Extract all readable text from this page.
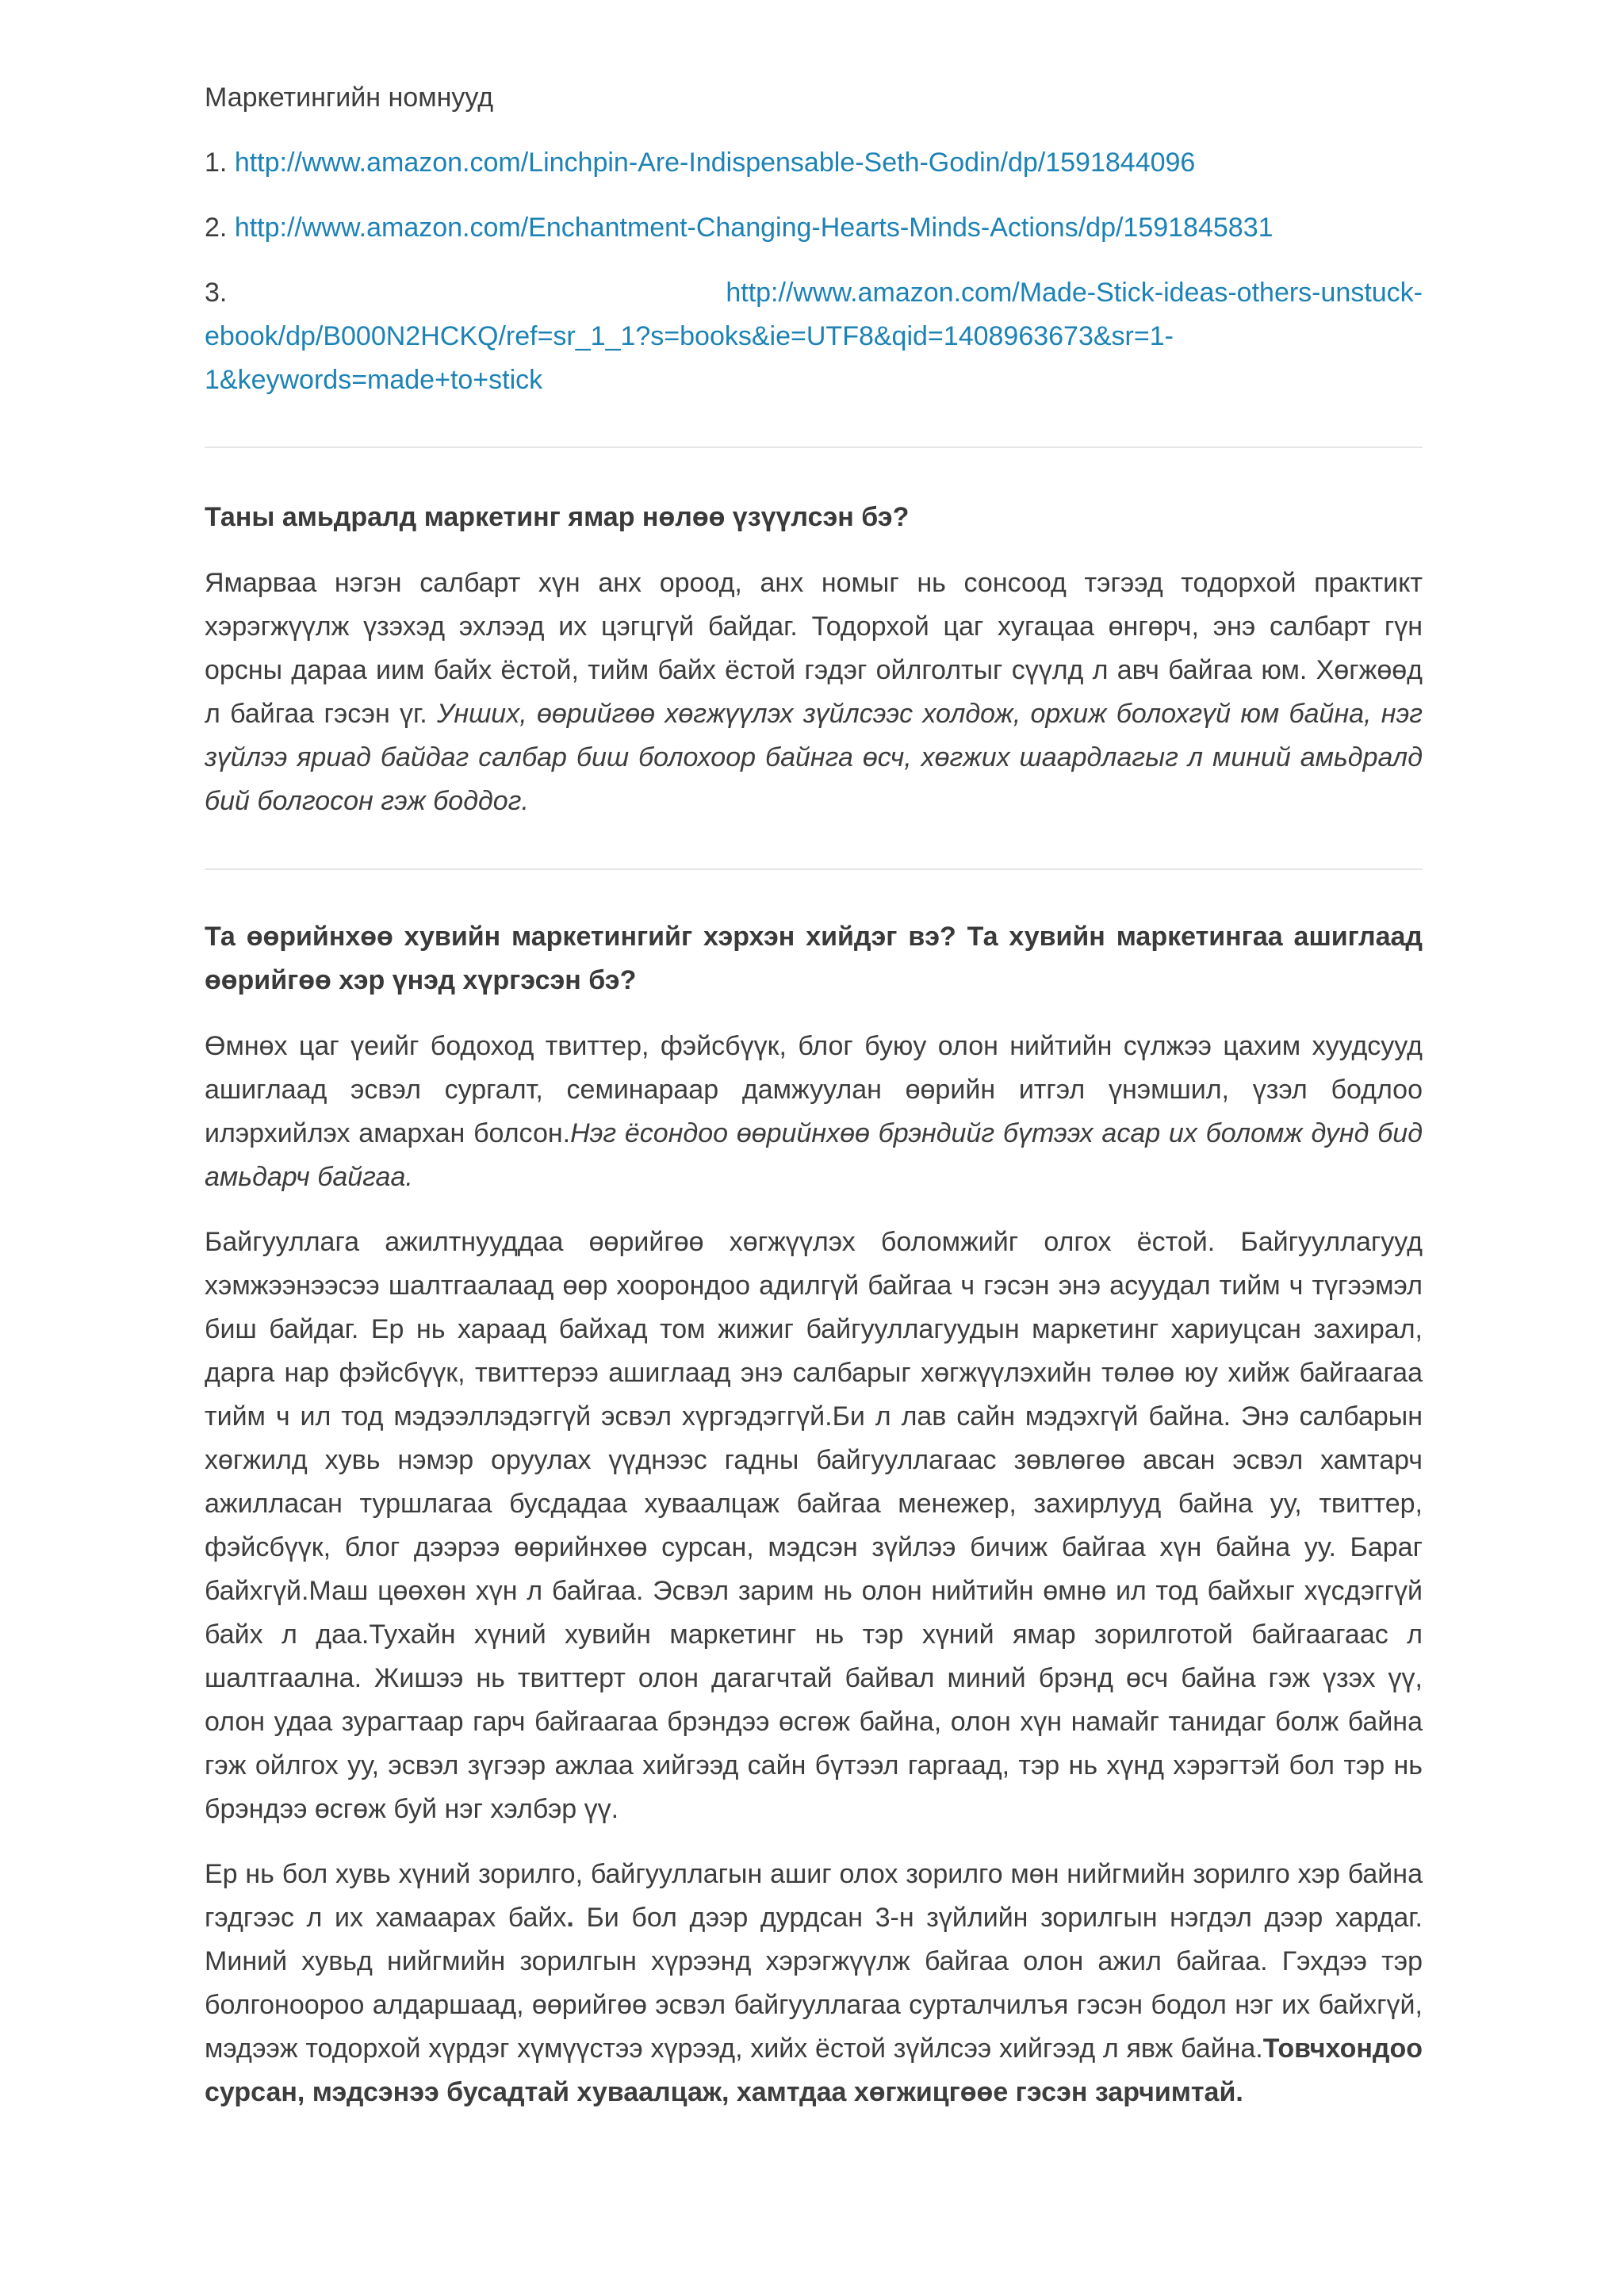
Маркетингийн номнууд

1. http://www.amazon.com/Linchpin-Are-Indispensable-Seth-Godin/dp/1591844096

2. http://www.amazon.com/Enchantment-Changing-Hearts-Minds-Actions/dp/1591845831

3.	http://www.amazon.com/Made-Stick-ideas-others-unstuck-

ebook/dp/B000N2HCKQ/ref=sr_1_1?s=books&ie=UTF8&qid=1408963673&sr=1-

1&keywords=made+to+stick

Таны амьдралд маркетинг ямар нөлөө үзүүлсэн бэ?

Ямарваа нэгэн салбарт хүн анх ороод, анх номыг нь сонсоод тэгээд тодорхой практикт хэрэгжүүлж үзэхэд эхлээд их цэгцгүй байдаг. Тодорхой цаг хугацаа өнгөрч, энэ салбарт гүн орсны дараа иим байх ёстой, тийм байх ёстой гэдэг ойлголтыг сүүлд л авч байгаа юм. Хөгжөөд л байгаа гэсэн үг. Унших, өөрийгөө хөгжүүлэх зүйлсээс холдож, орхиж болохгүй юм байна, нэг зүйлээ яриад байдаг салбар биш болохоор байнга өсч, хөгжих шаардлагыг л миний амьдралд бий болгосон гэж боддог.

Та өөрийнхөө хувийн маркетингийг хэрхэн хийдэг вэ? Та хувийн маркетингаа ашиглаад өөрийгөө хэр үнэд хүргэсэн бэ?

Өмнөх цаг үеийг бодоход твиттер, фэйсбүүк, блог буюу олон нийтийн сүлжээ цахим хуудсууд ашиглаад эсвэл сургалт, семинараар дамжуулан өөрийн итгэл үнэмшил, үзэл бодлоо илэрхийлэх амархан болсон.Нэг ёсондоо өөрийнхөө брэндийг бүтээх асар их боломж дунд бид амьдарч байгаа.

Байгууллага ажилтнууддаа өөрийгөө хөгжүүлэх боломжийг олгох ёстой. Байгууллагууд хэмжээнээсээ шалтгаалаад өөр хоорондоо адилгүй байгаа ч гэсэн энэ асуудал тийм ч түгээмэл биш байдаг. Ер нь хараад байхад том жижиг байгууллагуудын маркетинг хариуцсан захирал, дарга нар фэйсбүүк, твиттерээ ашиглаад энэ салбарыг хөгжүүлэхийн төлөө юу хийж байгаагаа тийм ч ил тод мэдээллэдэггүй эсвэл хүргэдэггүй.Би л лав сайн мэдэхгүй байна. Энэ салбарын хөгжилд хувь нэмэр оруулах үүднээс гадны байгууллагаас зөвлөгөө авсан эсвэл хамтарч ажилласан туршлагаа бусдадаа хуваалцаж байгаа менежер, захирлууд байна уу, твиттер, фэйсбүүк, блог дээрээ өөрийнхөө сурсан, мэдсэн зүйлээ бичиж байгаа хүн байна уу. Бараг байхгүй.Маш цөөхөн хүн л байгаа. Эсвэл зарим нь олон нийтийн өмнө ил тод байхыг хүсдэггүй байх л даа.Тухайн хүний хувийн маркетинг нь тэр хүний ямар зорилготой байгаагаас л шалтгаална. Жишээ нь твиттерт олон дагагчтай байвал миний брэнд өсч байна гэж үзэх үү, олон удаа зурагтаар гарч байгаагаа брэндээ өсгөж байна, олон хүн намайг танидаг болж байна гэж ойлгох уу, эсвэл зүгээр ажлаа хийгээд сайн бүтээл гаргаад, тэр нь хүнд хэрэгтэй бол тэр нь брэндээ өсгөж буй нэг хэлбэр үү.

Ер нь бол хувь хүний зорилго, байгууллагын ашиг олох зорилго мөн нийгмийн зорилго хэр байна гэдгээс л их хамаарах байх. Би бол дээр дурдсан 3-н зүйлийн зорилгын нэгдэл дээр хардаг. Миний хувьд нийгмийн зорилгын хүрээнд хэрэгжүүлж байгаа олон ажил байгаа. Гэхдээ тэр болгоноороо алдаршаад, өөрийгөө эсвэл байгууллагаа сурталчилъя гэсэн бодол нэг их байхгүй, мэдээж тодорхой хүрдэг хүмүүстээ хүрээд, хийх ёстой зүйлсээ хийгээд л явж байна.Товчхондоо сурсан, мэдсэнээ бусадтай хуваалцаж, хамтдаа хөгжицгөөе гэсэн зарчимтай.
